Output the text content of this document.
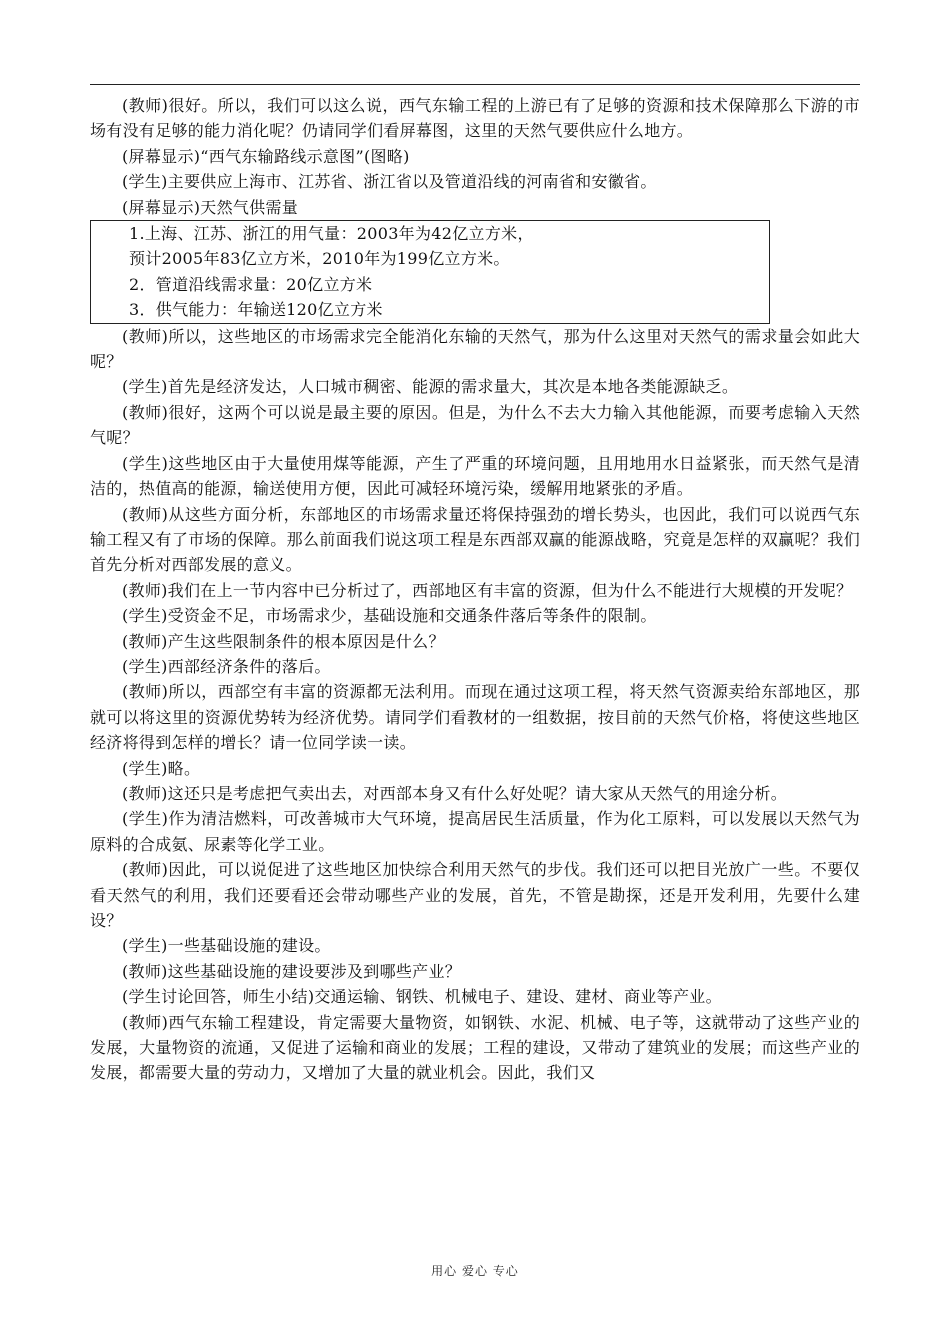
(教师)很好。所以，我们可以这么说，西气东输工程的上游已有了足够的资源和技术保障那么下游的市场有没有足够的能力消化呢？仍请同学们看屏幕图，这里的天然气要供应什么地方。

(屏幕显示)“西气东输路线示意图”(图略)

(学生)主要供应上海市、江苏省、浙江省以及管道沿线的河南省和安徽省。

(屏幕显示)天然气供需量

1.上海、江苏、浙江的用气量：2003年为42亿立方米，

预计2005年83亿立方米，2010年为199亿立方米。

2．管道沿线需求量：20亿立方米

3．供气能力：年输送120亿立方米

(教师)所以，这些地区的市场需求完全能消化东输的天然气，那为什么这里对天然气的需求量会如此大呢？

(学生)首先是经济发达，人口城市稠密、能源的需求量大，其次是本地各类能源缺乏。

(教师)很好，这两个可以说是最主要的原因。但是，为什么不去大力输入其他能源，而要考虑输入天然气呢？

(学生)这些地区由于大量使用煤等能源，产生了严重的环境问题，且用地用水日益紧张，而天然气是清洁的，热值高的能源，输送使用方便，因此可减轻环境污染，缓解用地紧张的矛盾。

(教师)从这些方面分析，东部地区的市场需求量还将保持强劲的增长势头，也因此，我们可以说西气东输工程又有了市场的保障。那么前面我们说这项工程是东西部双赢的能源战略，究竟是怎样的双赢呢？我们首先分析对西部发展的意义。

(教师)我们在上一节内容中已分析过了，西部地区有丰富的资源，但为什么不能进行大规模的开发呢？

(学生)受资金不足，市场需求少，基础设施和交通条件落后等条件的限制。

(教师)产生这些限制条件的根本原因是什么？

(学生)西部经济条件的落后。

(教师)所以，西部空有丰富的资源都无法利用。而现在通过这项工程，将天然气资源卖给东部地区，那就可以将这里的资源优势转为经济优势。请同学们看教材的一组数据，按目前的天然气价格，将使这些地区经济将得到怎样的增长？请一位同学读一读。

(学生)略。

(教师)这还只是考虑把气卖出去，对西部本身又有什么好处呢？请大家从天然气的用途分析。

(学生)作为清洁燃料，可改善城市大气环境，提高居民生活质量，作为化工原料，可以发展以天然气为原料的合成氨、尿素等化学工业。

(教师)因此，可以说促进了这些地区加快综合利用天然气的步伐。我们还可以把目光放广一些。不要仅看天然气的利用，我们还要看还会带动哪些产业的发展，首先，不管是勘探，还是开发利用，先要什么建设？

(学生)一些基础设施的建设。

(教师)这些基础设施的建设要涉及到哪些产业？

(学生讨论回答，师生小结)交通运输、钢铁、机械电子、建设、建材、商业等产业。

(教师)西气东输工程建设，肯定需要大量物资，如钢铁、水泥、机械、电子等，这就带动了这些产业的发展，大量物资的流通，又促进了运输和商业的发展；工程的建设，又带动了建筑业的发展；而这些产业的发展，都需要大量的劳动力，又增加了大量的就业机会。因此，我们又

用心 爱心 专心
